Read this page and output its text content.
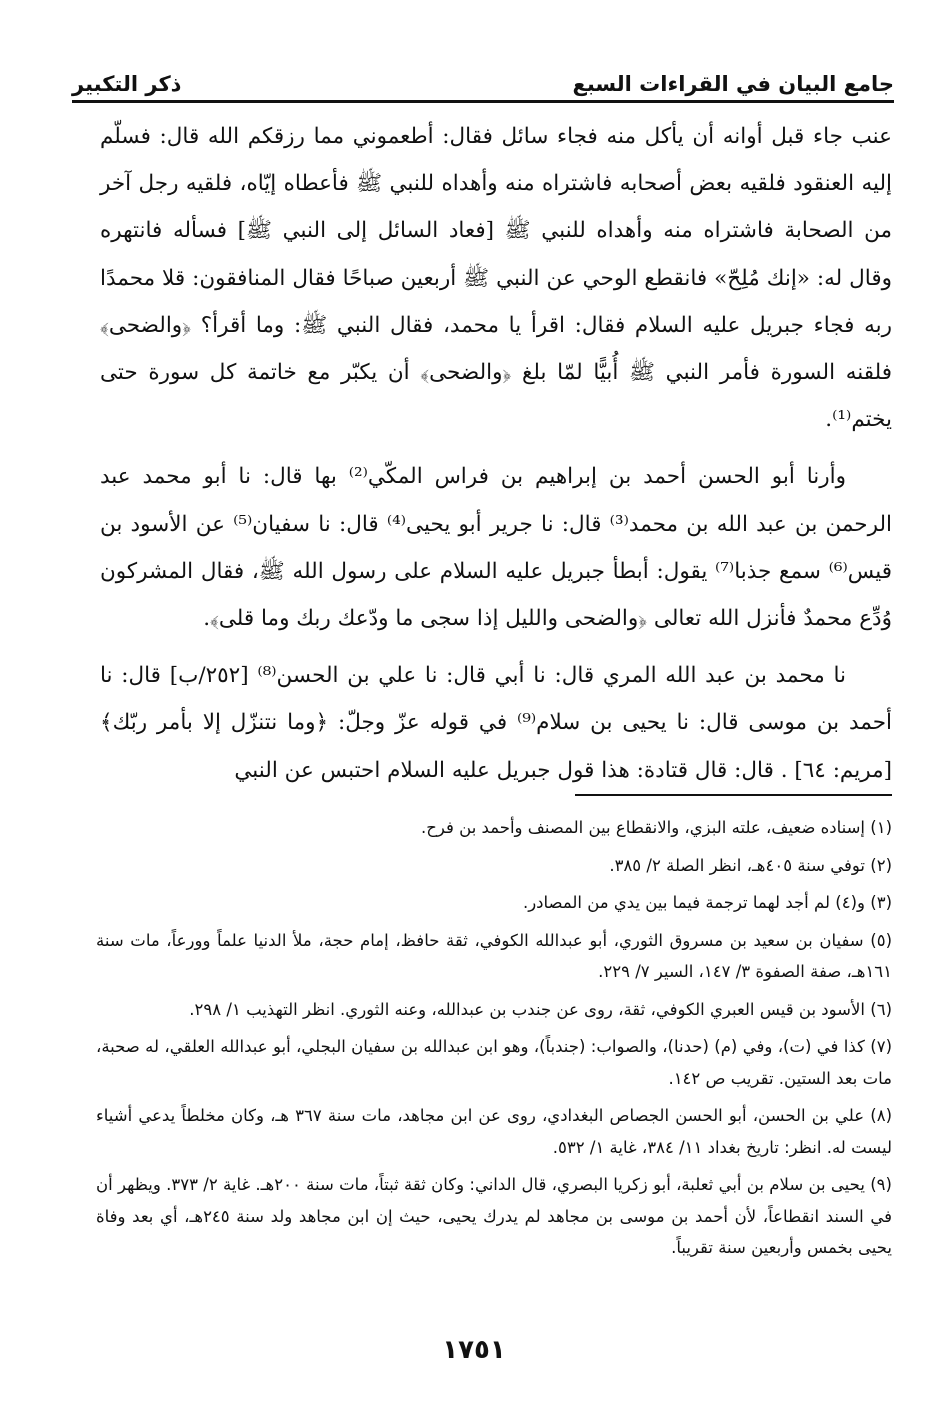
جامع البيان في القراءات السبع
ذكر التكبير

عنب جاء قبل أوانه أن يأكل منه فجاء سائل فقال: أطعموني مما رزقكم الله قال: فسلّم إليه العنقود فلقيه بعض أصحابه فاشتراه منه وأهداه للنبي ﷺ فأعطاه إيّاه، فلقيه رجل آخر من الصحابة فاشتراه منه وأهداه للنبي ﷺ [فعاد السائل إلى النبي ﷺ] فسأله فانتهره وقال له: «إنك مُلِحّ» فانقطع الوحي عن النبي ﷺ أربعين صباحًا فقال المنافقون: قلا محمدًا ربه فجاء جبريل عليه السلام فقال: اقرأ يا محمد، فقال النبي ﷺ: وما أقرأ؟ ﴿والضحى﴾ فلقنه السورة فأمر النبي ﷺ أُبيًّا لمّا بلغ ﴿والضحى﴾ أن يكبّر مع خاتمة كل سورة حتى يختم⁽¹⁾.

وأرنا أبو الحسن أحمد بن إبراهيم بن فراس المكّي⁽²⁾ بها قال: نا أبو محمد عبد الرحمن بن عبد الله بن محمد⁽³⁾ قال: نا جرير أبو يحيى⁽⁴⁾ قال: نا سفيان⁽⁵⁾ عن الأسود بن قيس⁽⁶⁾ سمع جذبا⁽⁷⁾ يقول: أبطأ جبريل عليه السلام على رسول الله ﷺ، فقال المشركون وُدِّع محمدٌ فأنزل الله تعالى ﴿والضحى والليل إذا سجى ما ودّعك ربك وما قلى﴾.

نا محمد بن عبد الله المري قال: نا أبي قال: نا علي بن الحسن⁽⁸⁾ [٢٥٢/ب] قال: نا أحمد بن موسى قال: نا يحيى بن سلام⁽⁹⁾ في قوله عزّ وجلّ: ﴿وما نتنزّل إلا بأمر ربّك﴾ [مريم: ٦٤] . قال: قال قتادة: هذا قول جبريل عليه السلام احتبس عن النبي

(١) إسناده ضعيف، علته البزي، والانقطاع بين المصنف وأحمد بن فرح.

(٢) توفي سنة ٤٠٥هـ، انظر الصلة ٢/ ٣٨٥.

(٣) و(٤) لم أجد لهما ترجمة فيما بين يدي من المصادر.

(٥) سفيان بن سعيد بن مسروق الثوري، أبو عبدالله الكوفي، ثقة حافظ، إمام حجة، ملأ الدنيا علماً وورعاً، مات سنة ١٦١هـ، صفة الصفوة ٣/ ١٤٧، السير ٧/ ٢٢٩.

(٦) الأسود بن قيس العبري الكوفي، ثقة، روى عن جندب بن عبدالله، وعنه الثوري. انظر التهذيب ١/ ٢٩٨.

(٧) كذا في (ت)، وفي (م) (حدنا)، والصواب: (جندباً)، وهو ابن عبدالله بن سفيان البجلي، أبو عبدالله العلقي، له صحبة، مات بعد الستين. تقريب ص ١٤٢.

(٨) علي بن الحسن، أبو الحسن الجصاص البغدادي، روى عن ابن مجاهد، مات سنة ٣٦٧ هـ، وكان مخلطاً يدعي أشياء ليست له. انظر: تاريخ بغداد ١١/ ٣٨٤، غاية ١/ ٥٣٢.

(٩) يحيى بن سلام بن أبي ثعلبة، أبو زكريا البصري، قال الداني: وكان ثقة ثبتاً، مات سنة ٢٠٠هـ. غاية ٢/ ٣٧٣. ويظهر أن في السند انقطاعاً، لأن أحمد بن موسى بن مجاهد لم يدرك يحيى، حيث إن ابن مجاهد ولد سنة ٢٤٥هـ، أي بعد وفاة يحيى بخمس وأربعين سنة تقريباً.

١٧٥١
